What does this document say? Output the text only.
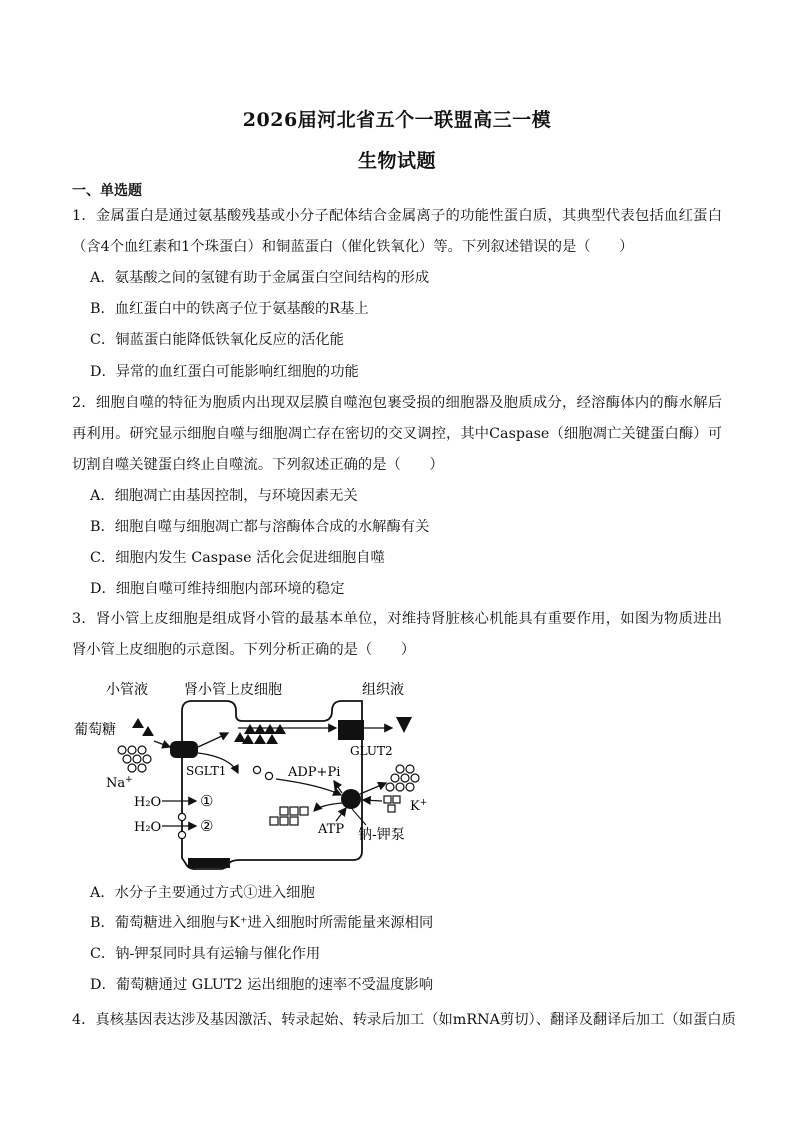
2026届河北省五个一联盟高三一模
生物试题
一、单选题
1．金属蛋白是通过氨基酸残基或小分子配体结合金属离子的功能性蛋白质，其典型代表包括血红蛋白（含4个血红素和1个珠蛋白）和铜蓝蛋白（催化铁氧化）等。下列叙述错误的是（　　）
A．氨基酸之间的氢键有助于金属蛋白空间结构的形成
B．血红蛋白中的铁离子位于氨基酸的R基上
C．铜蓝蛋白能降低铁氧化反应的活化能
D．异常的血红蛋白可能影响红细胞的功能
2．细胞自噬的特征为胞质内出现双层膜自噬泡包裹受损的细胞器及胞质成分，经溶酶体内的酶水解后再利用。研究显示细胞自噬与细胞凋亡存在密切的交叉调控，其中Caspase（细胞凋亡关键蛋白酶）可切割自噬关键蛋白终止自噬流。下列叙述正确的是（　　）
A．细胞凋亡由基因控制，与环境因素无关
B．细胞自噬与细胞凋亡都与溶酶体合成的水解酶有关
C．细胞内发生 Caspase 活化会促进细胞自噬
D．细胞自噬可维持细胞内部环境的稳定
3．肾小管上皮细胞是组成肾小管的最基本单位，对维持肾脏核心机能具有重要作用，如图为物质进出肾小管上皮细胞的示意图。下列分析正确的是（　　）
小管液	肾小管上皮细胞	组织液
葡萄糖
Na+
SGLT1
GLUT2
ADP+Pi
K+
ATP 钠-钾泵
H₂O	①
H₂O	②
A．水分子主要通过方式①进入细胞
B．葡萄糖进入细胞与K⁺进入细胞时所需能量来源相同
C．钠-钾泵同时具有运输与催化作用
D．葡萄糖通过 GLUT2 运出细胞的速率不受温度影响
4．真核基因表达涉及基因激活、转录起始、转录后加工（如mRNA剪切）、翻译及翻译后加工（如蛋白质
